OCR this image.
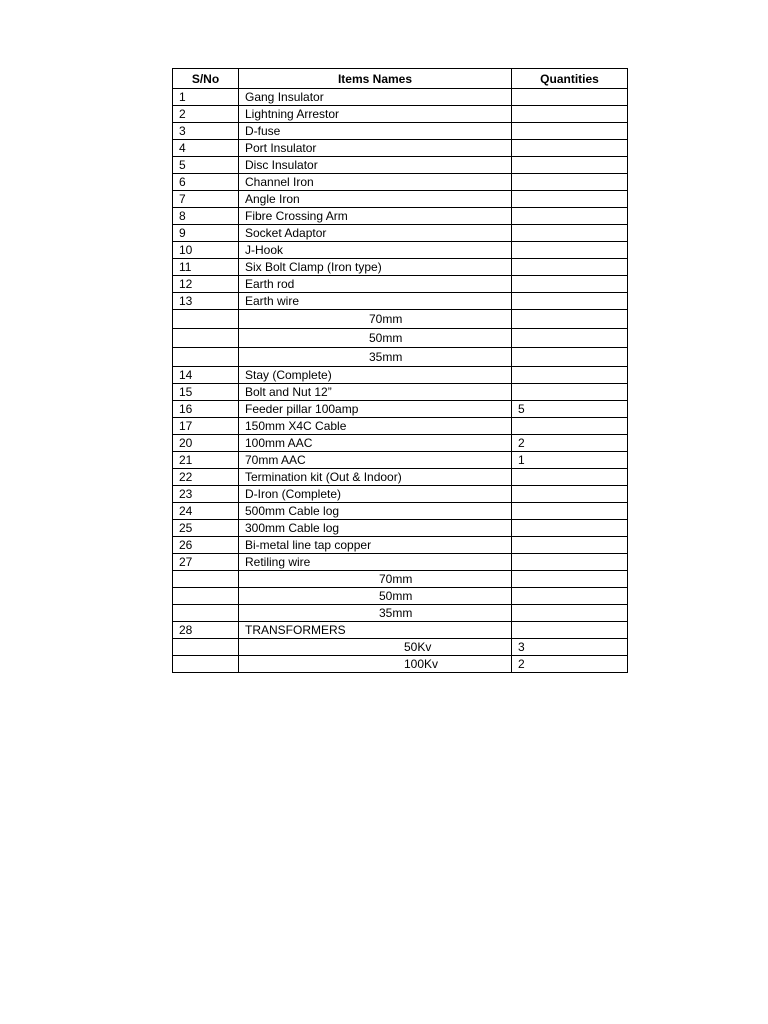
S/No	Items Names	Quantities
1	Gang Insulator	
2	Lightning Arrestor	
3	D-fuse	
4	Port Insulator	
5	Disc Insulator	
6	Channel Iron	
7	Angle Iron	
8	Fibre Crossing Arm	
9	Socket Adaptor	
10	J-Hook	
11	Six Bolt Clamp (Iron type)	
12	Earth rod	
13	Earth wire	
	70mm	
	50mm	
	35mm	
14	Stay (Complete)	
15	Bolt and Nut 12”	
16	Feeder pillar 100amp	5
17	150mm X4C Cable	
20	100mm AAC	2
21	70mm AAC	1
22	Termination kit (Out & Indoor)	
23	D-Iron (Complete)	
24	500mm Cable log	
25	300mm Cable log	
26	Bi-metal line tap copper	
27	Retiling wire	
	70mm	
	50mm	
	35mm	
28	TRANSFORMERS	
	50Kv	3
	100Kv	2
